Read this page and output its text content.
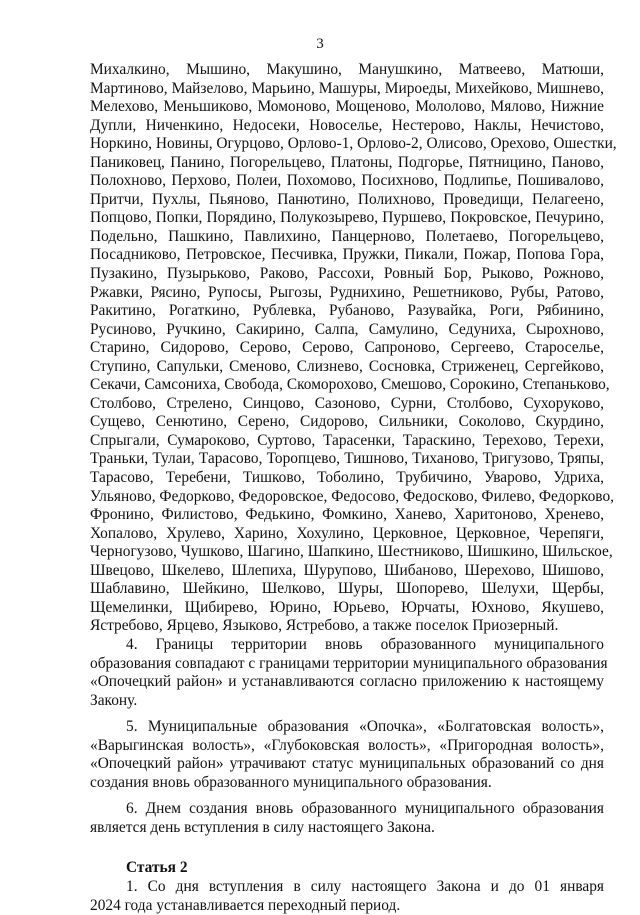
3

Михалкино, Мышино, Макушино, Манушкино, Матвеево, Матюши,
Мартиново, Майзелово, Марьино, Машуры, Мироеды, Михейково, Мишнево,
Мелехово, Меньшиково, Момоново, Мощеново, Мололово, Мялово, Нижние
Дупли, Ниченкино, Недосеки, Новоселье, Нестерово, Наклы, Нечистово,
Норкино, Новины, Огурцово, Орлово-1, Орлово-2, Олисово, Орехово, Ошестки,
Паниковец, Панино, Погорельцево, Платоны, Подгорье, Пятницино, Паново,
Полохново, Перхово, Полеи, Похомово, Посихново, Подлипье, Пошивалово,
Притчи, Пухлы, Пьяново, Панютино, Полихново, Проведищи, Пелагеено,
Попцово, Попки, Порядино, Полукозырево, Пуршево, Покровское, Печурино,
Подельно, Пашкино, Павлихино, Панцерново, Полетаево, Погорельцево,
Посадниково, Петровское, Песчивка, Пружки, Пикали, Пожар, Попова Гора,
Пузакино, Пузырьково, Раково, Рассохи, Ровный Бор, Рыково, Рожново,
Ржавки, Рясино, Рупосы, Рыгозы, Руднихино, Решетниково, Рубы, Ратово,
Ракитино, Рогаткино, Рублевка, Рубаново, Разувайка, Роги, Рябинино,
Русиново, Ручкино, Сакирино, Салпа, Самулино, Седуниха, Сырохново,
Старино, Сидорово, Серово, Серово, Сапроново, Сергеево, Староселье,
Ступино, Сапульки, Сменово, Слизнево, Сосновка, Стриженец, Сергейково,
Секачи, Самсониха, Свобода, Скоморохово, Смешово, Сорокино, Степаньково,
Столбово, Стрелено, Синцово, Сазоново, Сурни, Столбово, Сухоруково,
Сущево, Сенютино, Серено, Сидорово, Сильники, Соколово, Скурдино,
Спрыгали, Сумароково, Суртово, Тарасенки, Тараскино, Терехово, Терехи,
Траньки, Тулаи, Тарасово, Торопцево, Тишново, Тиханово, Тригузово, Тряпы,
Тарасово, Теребени, Тишково, Тоболино, Трубичино, Уварово, Удриха,
Ульяново, Федорково, Федоровское, Федосово, Федосково, Филево, Федорково,
Фронино, Филистово, Федькино, Фомкино, Ханево, Харитоново, Хренево,
Хопалово, Хрулево, Харино, Хохулино, Церковное, Церковное, Черепяги,
Черногузово, Чушково, Шагино, Шапкино, Шестниково, Шишкино, Шильское,
Швецово, Шкелево, Шлепиха, Шурупово, Шибаново, Шерехово, Шишово,
Шаблавино, Шейкино, Шелково, Шуры, Шопорево, Шелухи, Щербы,
Щемелинки, Щибирево, Юрино, Юрьево, Юрчаты, Юхново, Якушево,
Ястребово, Ярцево, Языково, Ястребово, а также поселок Приозерный.

4. Границы территории вновь образованного муниципального
образования совпадают с границами территории муниципального образования
«Опочецкий район» и устанавливаются согласно приложению к настоящему
Закону.

5. Муниципальные образования «Опочка», «Болгатовская волость»,
«Варыгинская волость», «Глубоковская волость», «Пригородная волость»,
«Опочецкий район» утрачивают статус муниципальных образований со дня
создания вновь образованного муниципального образования.

6. Днем создания вновь образованного муниципального образования
является день вступления в силу настоящего Закона.

Статья 2

1. Со дня вступления в силу настоящего Закона и до 01 января
2024 года устанавливается переходный период.
